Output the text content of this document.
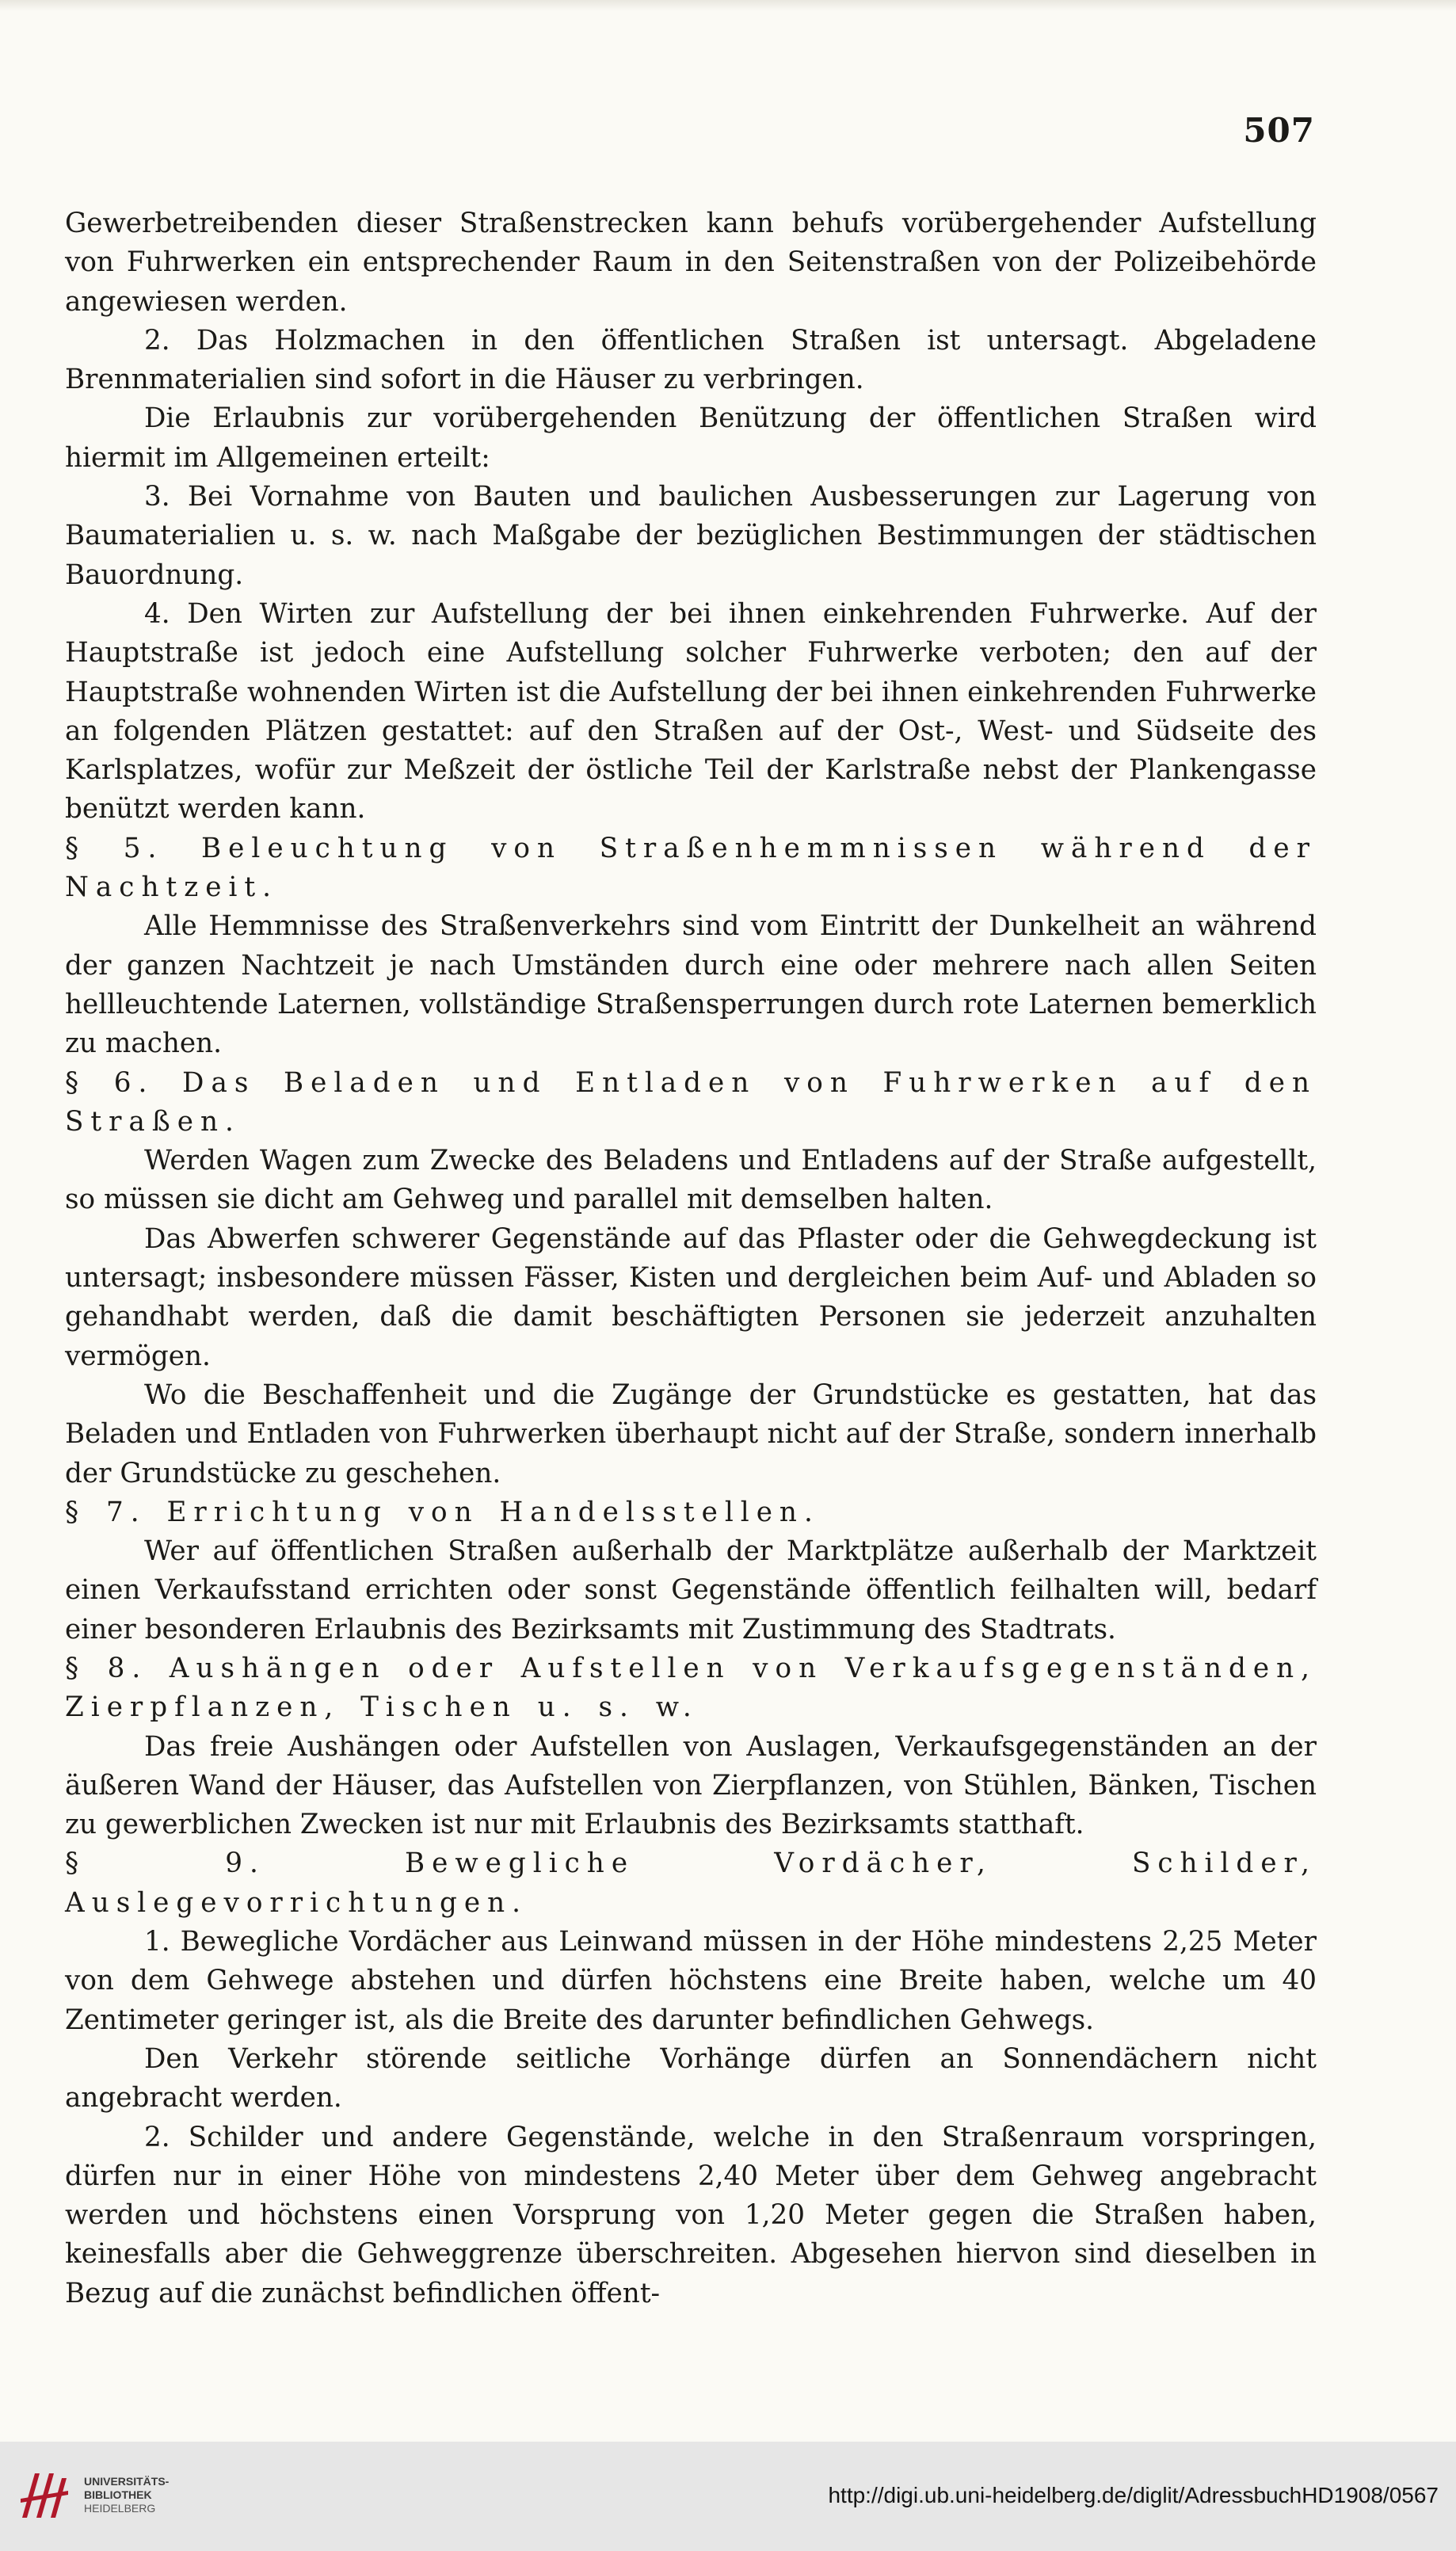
507

Gewerbetreibenden dieser Straßenstrecken kann behufs vorübergehender Aufstellung von Fuhrwerken ein entsprechender Raum in den Seitenstraßen von der Polizeibehörde angewiesen werden.

2. Das Holzmachen in den öffentlichen Straßen ist untersagt. Abgeladene Brennmaterialien sind sofort in die Häuser zu verbringen.

Die Erlaubnis zur vorübergehenden Benützung der öffentlichen Straßen wird hiermit im Allgemeinen erteilt:

3. Bei Vornahme von Bauten und baulichen Ausbesserungen zur Lagerung von Baumaterialien u. s. w. nach Maßgabe der bezüglichen Bestimmungen der städtischen Bauordnung.

4. Den Wirten zur Aufstellung der bei ihnen einkehrenden Fuhrwerke. Auf der Hauptstraße ist jedoch eine Aufstellung solcher Fuhrwerke verboten; den auf der Hauptstraße wohnenden Wirten ist die Aufstellung der bei ihnen einkehrenden Fuhrwerke an folgenden Plätzen gestattet: auf den Straßen auf der Ost-, West- und Südseite des Karlsplatzes, wofür zur Meßzeit der östliche Teil der Karlstraße nebst der Plankengasse benützt werden kann.

§ 5. Beleuchtung von Straßenhemmnissen während der Nachtzeit.

Alle Hemmnisse des Straßenverkehrs sind vom Eintritt der Dunkelheit an während der ganzen Nachtzeit je nach Umständen durch eine oder mehrere nach allen Seiten hellleuchtende Laternen, vollständige Straßensperrungen durch rote Laternen bemerklich zu machen.

§ 6. Das Beladen und Entladen von Fuhrwerken auf den Straßen.

Werden Wagen zum Zwecke des Beladens und Entladens auf der Straße aufgestellt, so müssen sie dicht am Gehweg und parallel mit demselben halten.

Das Abwerfen schwerer Gegenstände auf das Pflaster oder die Gehwegdeckung ist untersagt; insbesondere müssen Fässer, Kisten und dergleichen beim Auf- und Abladen so gehandhabt werden, daß die damit beschäftigten Personen sie jederzeit anzuhalten vermögen.

Wo die Beschaffenheit und die Zugänge der Grundstücke es gestatten, hat das Beladen und Entladen von Fuhrwerken überhaupt nicht auf der Straße, sondern innerhalb der Grundstücke zu geschehen.

§ 7. Errichtung von Handelsstellen.

Wer auf öffentlichen Straßen außerhalb der Marktplätze außerhalb der Marktzeit einen Verkaufsstand errichten oder sonst Gegenstände öffentlich feilhalten will, bedarf einer besonderen Erlaubnis des Bezirksamts mit Zustimmung des Stadtrats.

§ 8. Aushängen oder Aufstellen von Verkaufsgegenständen, Zierpflanzen, Tischen u. s. w.

Das freie Aushängen oder Aufstellen von Auslagen, Verkaufsgegenständen an der äußeren Wand der Häuser, das Aufstellen von Zierpflanzen, von Stühlen, Bänken, Tischen zu gewerblichen Zwecken ist nur mit Erlaubnis des Bezirksamts statthaft.

§ 9. Bewegliche Vordächer, Schilder, Auslegevorrichtungen.

1. Bewegliche Vordächer aus Leinwand müssen in der Höhe mindestens 2,25 Meter von dem Gehwege abstehen und dürfen höchstens eine Breite haben, welche um 40 Zentimeter geringer ist, als die Breite des darunter befindlichen Gehwegs.

Den Verkehr störende seitliche Vorhänge dürfen an Sonnendächern nicht angebracht werden.

2. Schilder und andere Gegenstände, welche in den Straßenraum vorspringen, dürfen nur in einer Höhe von mindestens 2,40 Meter über dem Gehweg angebracht werden und höchstens einen Vorsprung von 1,20 Meter gegen die Straßen haben, keinesfalls aber die Gehweggrenze überschreiten. Abgesehen hiervon sind dieselben in Bezug auf die zunächst befindlichen öffent-

UNIVERSITÄTS-
BIBLIOTHEK
HEIDELBERG
http://digi.ub.uni-heidelberg.de/diglit/AdressbuchHD1908/0567
